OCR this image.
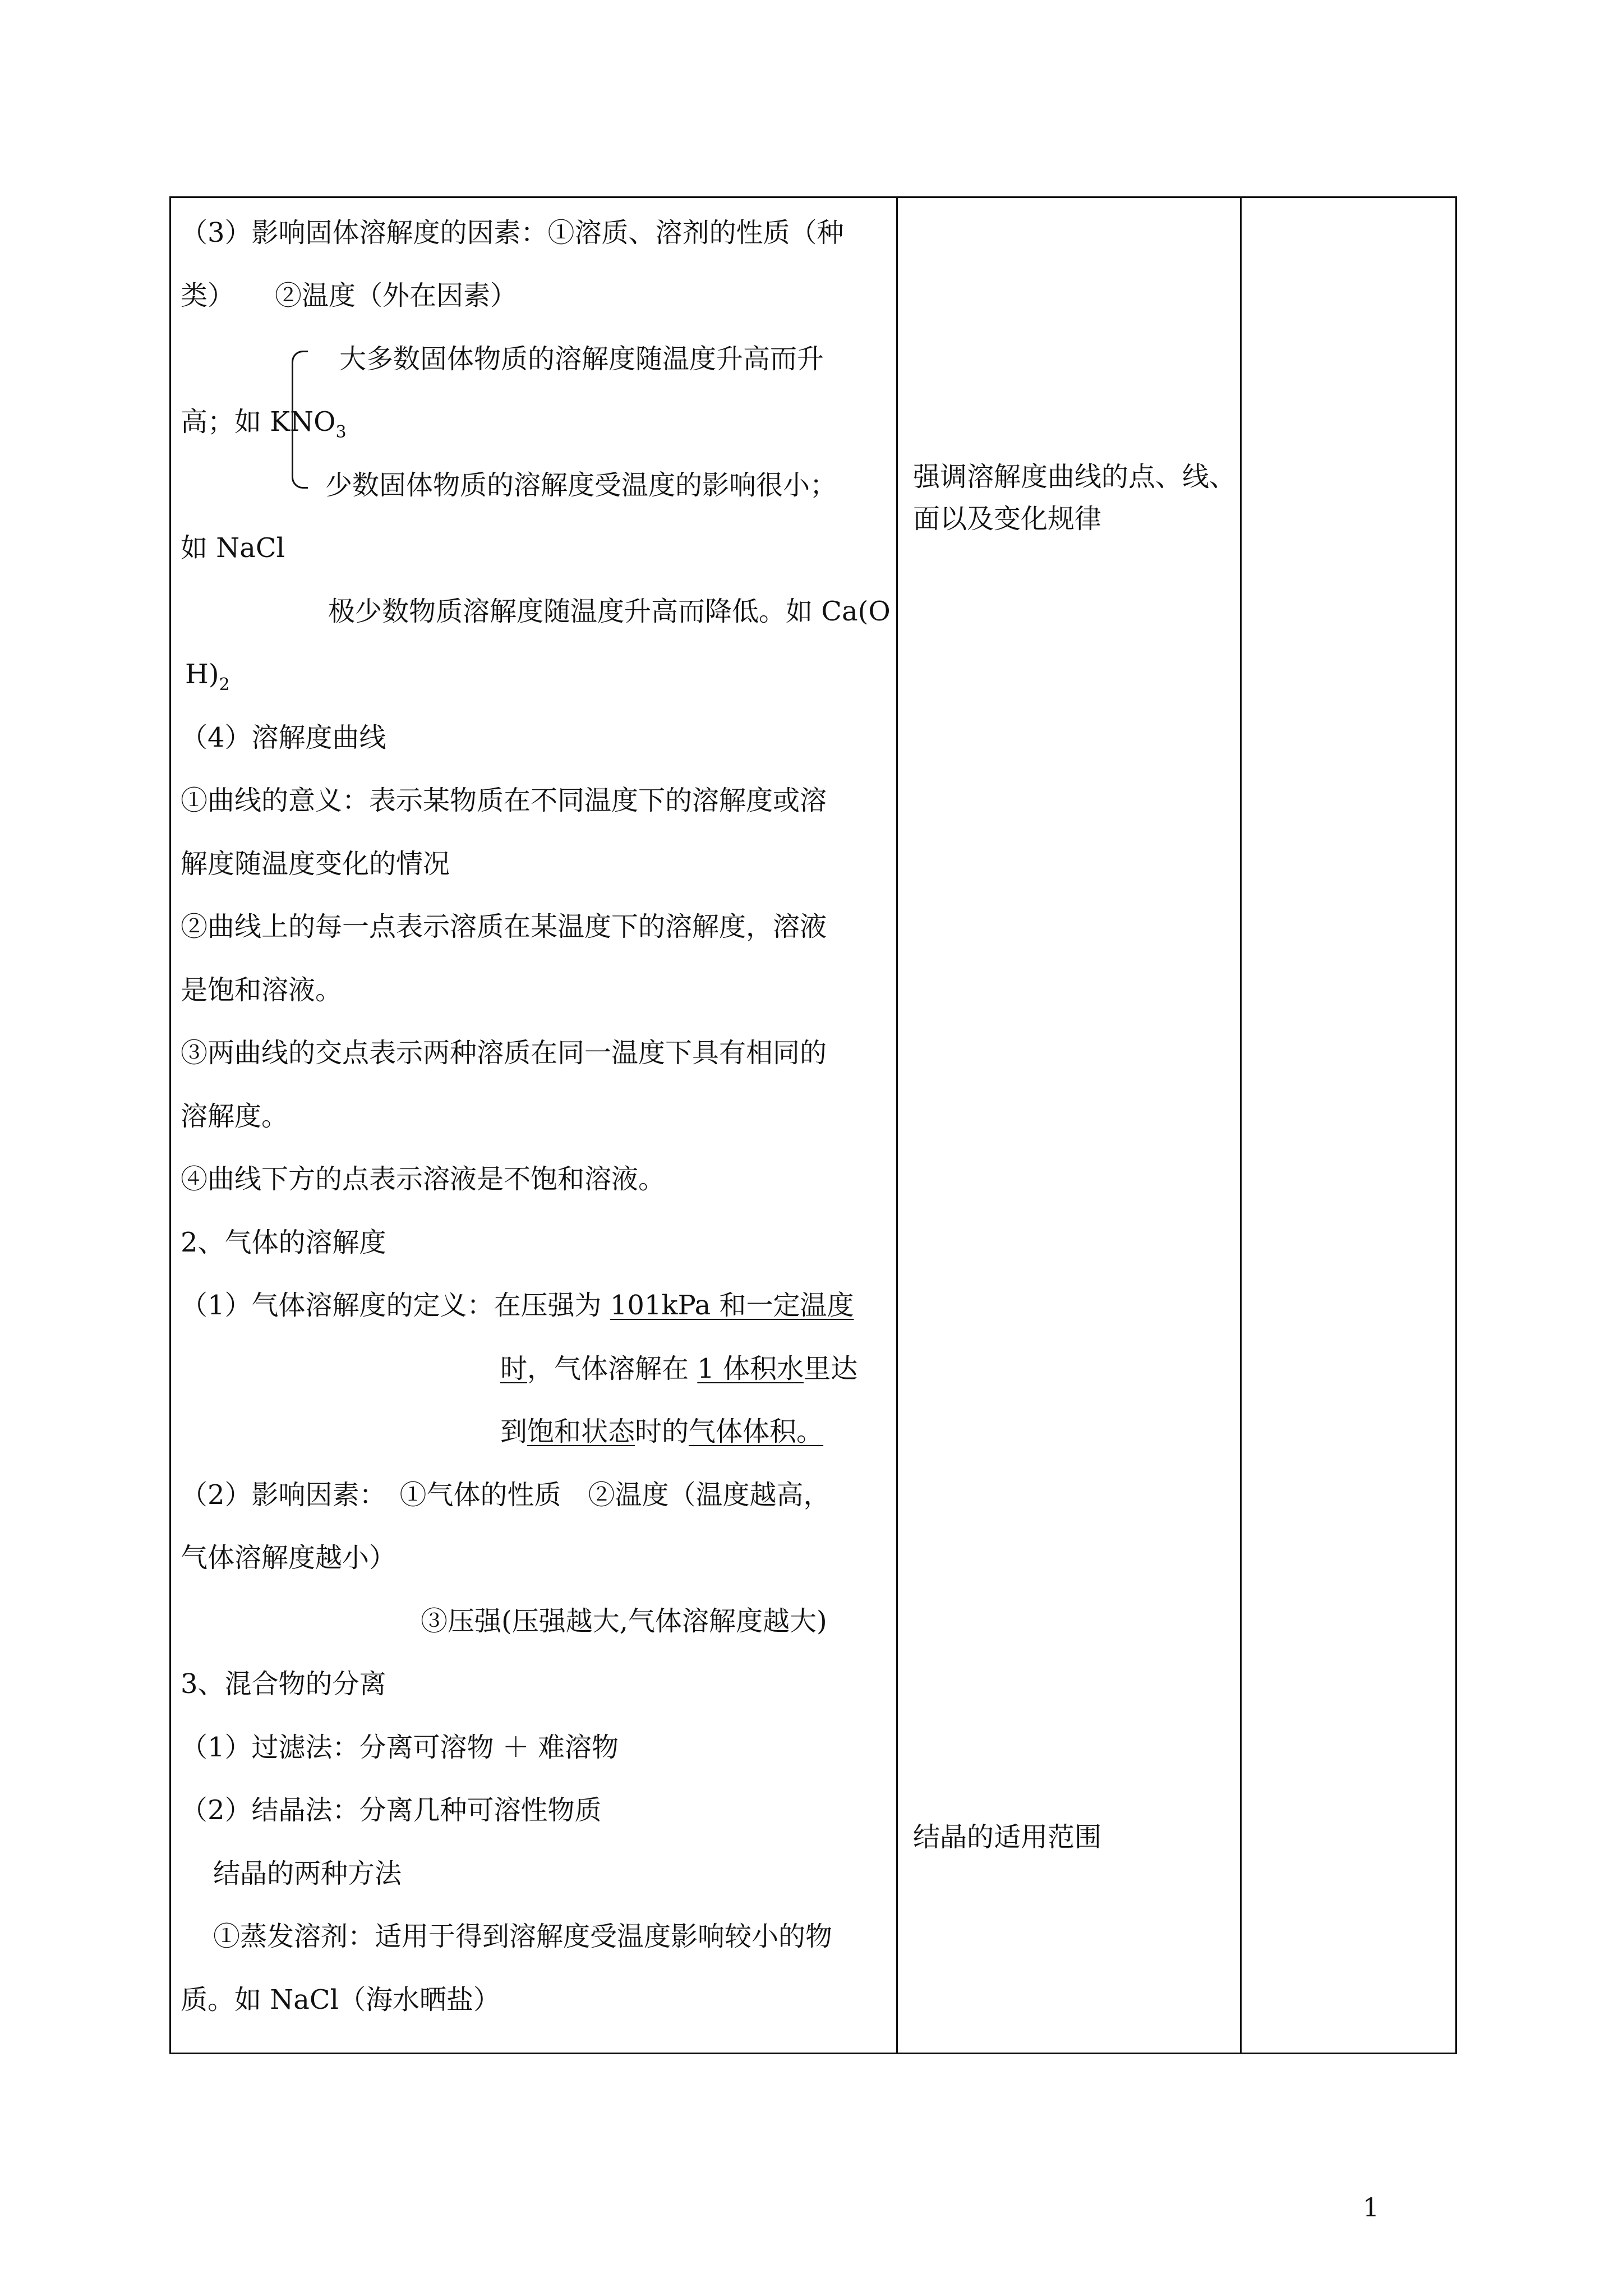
（3）影响固体溶解度的因素：①溶质、溶剂的性质（种
类）　　②温度（外在因素）
大多数固体物质的溶解度随温度升高而升
高；如 $KNO_3$
少数固体物质的溶解度受温度的影响很小；
如 NaCl
极少数物质溶解度随温度升高而降低。如 Ca(O
$H)_2$
（4）溶解度曲线
①曲线的意义：表示某物质在不同温度下的溶解度或溶
解度随温度变化的情况
②曲线上的每一点表示溶质在某温度下的溶解度，溶液
是饱和溶液。
③两曲线的交点表示两种溶质在同一温度下具有相同的
溶解度。
④曲线下方的点表示溶液是不饱和溶液。
2、气体的溶解度
（1）气体溶解度的定义：在压强为 101kPa 和一定温度
时，气体溶解在 1 体积水里达
到饱和状态时的气体体积。
（2）影响因素：　①气体的性质　②温度（温度越高，
气体溶解度越小）
③压强(压强越大,气体溶解度越大)
3、混合物的分离
（1）过滤法：分离可溶物 ＋ 难溶物
（2）结晶法：分离几种可溶性物质
结晶的两种方法
①蒸发溶剂：适用于得到溶解度受温度影响较小的物
质。如 NaCl（海水晒盐）
强调溶解度曲线的点、线、
面以及变化规律
结晶的适用范围
1
